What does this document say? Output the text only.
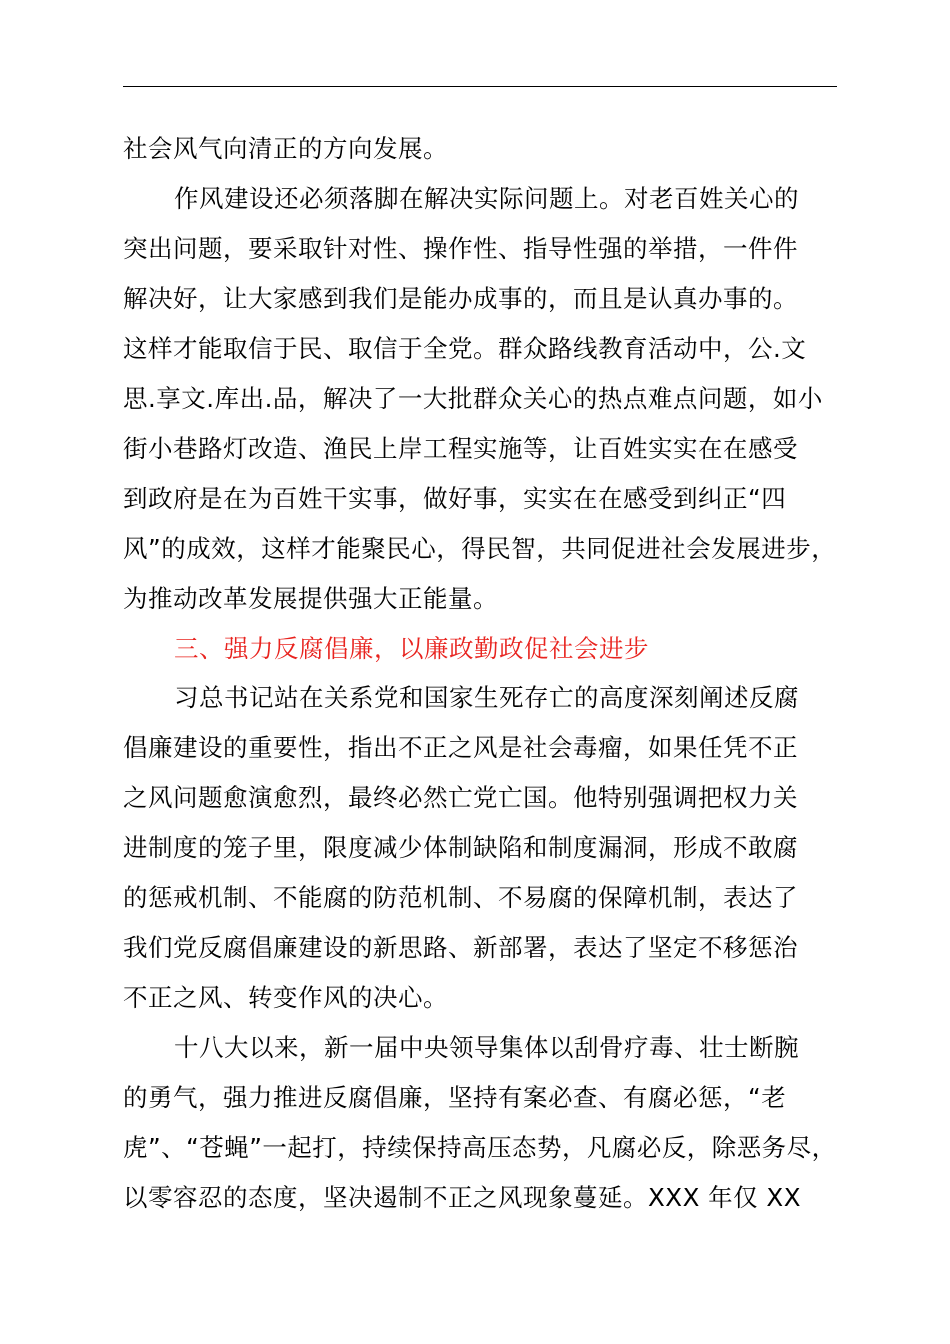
社会风气向清正的方向发展。
作风建设还必须落脚在解决实际问题上。对老百姓关心的
突出问题，要采取针对性、操作性、指导性强的举措，一件件
解决好，让大家感到我们是能办成事的，而且是认真办事的。
这样才能取信于民、取信于全党。群众路线教育活动中，公.文
思.享文.库出.品，解决了一大批群众关心的热点难点问题，如小
街小巷路灯改造、渔民上岸工程实施等，让百姓实实在在感受
到政府是在为百姓干实事，做好事，实实在在感受到纠正“四
风”的成效，这样才能聚民心，得民智，共同促进社会发展进步，
为推动改革发展提供强大正能量。
三、强力反腐倡廉，以廉政勤政促社会进步
习总书记站在关系党和国家生死存亡的高度深刻阐述反腐
倡廉建设的重要性，指出不正之风是社会毒瘤，如果任凭不正
之风问题愈演愈烈，最终必然亡党亡国。他特别强调把权力关
进制度的笼子里，限度减少体制缺陷和制度漏洞，形成不敢腐
的惩戒机制、不能腐的防范机制、不易腐的保障机制，表达了
我们党反腐倡廉建设的新思路、新部署，表达了坚定不移惩治
不正之风、转变作风的决心。
十八大以来，新一届中央领导集体以刮骨疗毒、壮士断腕
的勇气，强力推进反腐倡廉，坚持有案必查、有腐必惩，“老
虎”、“苍蝇”一起打，持续保持高压态势，凡腐必反，除恶务尽，
以零容忍的态度，坚决遏制不正之风现象蔓延。XXX 年仅 XX
